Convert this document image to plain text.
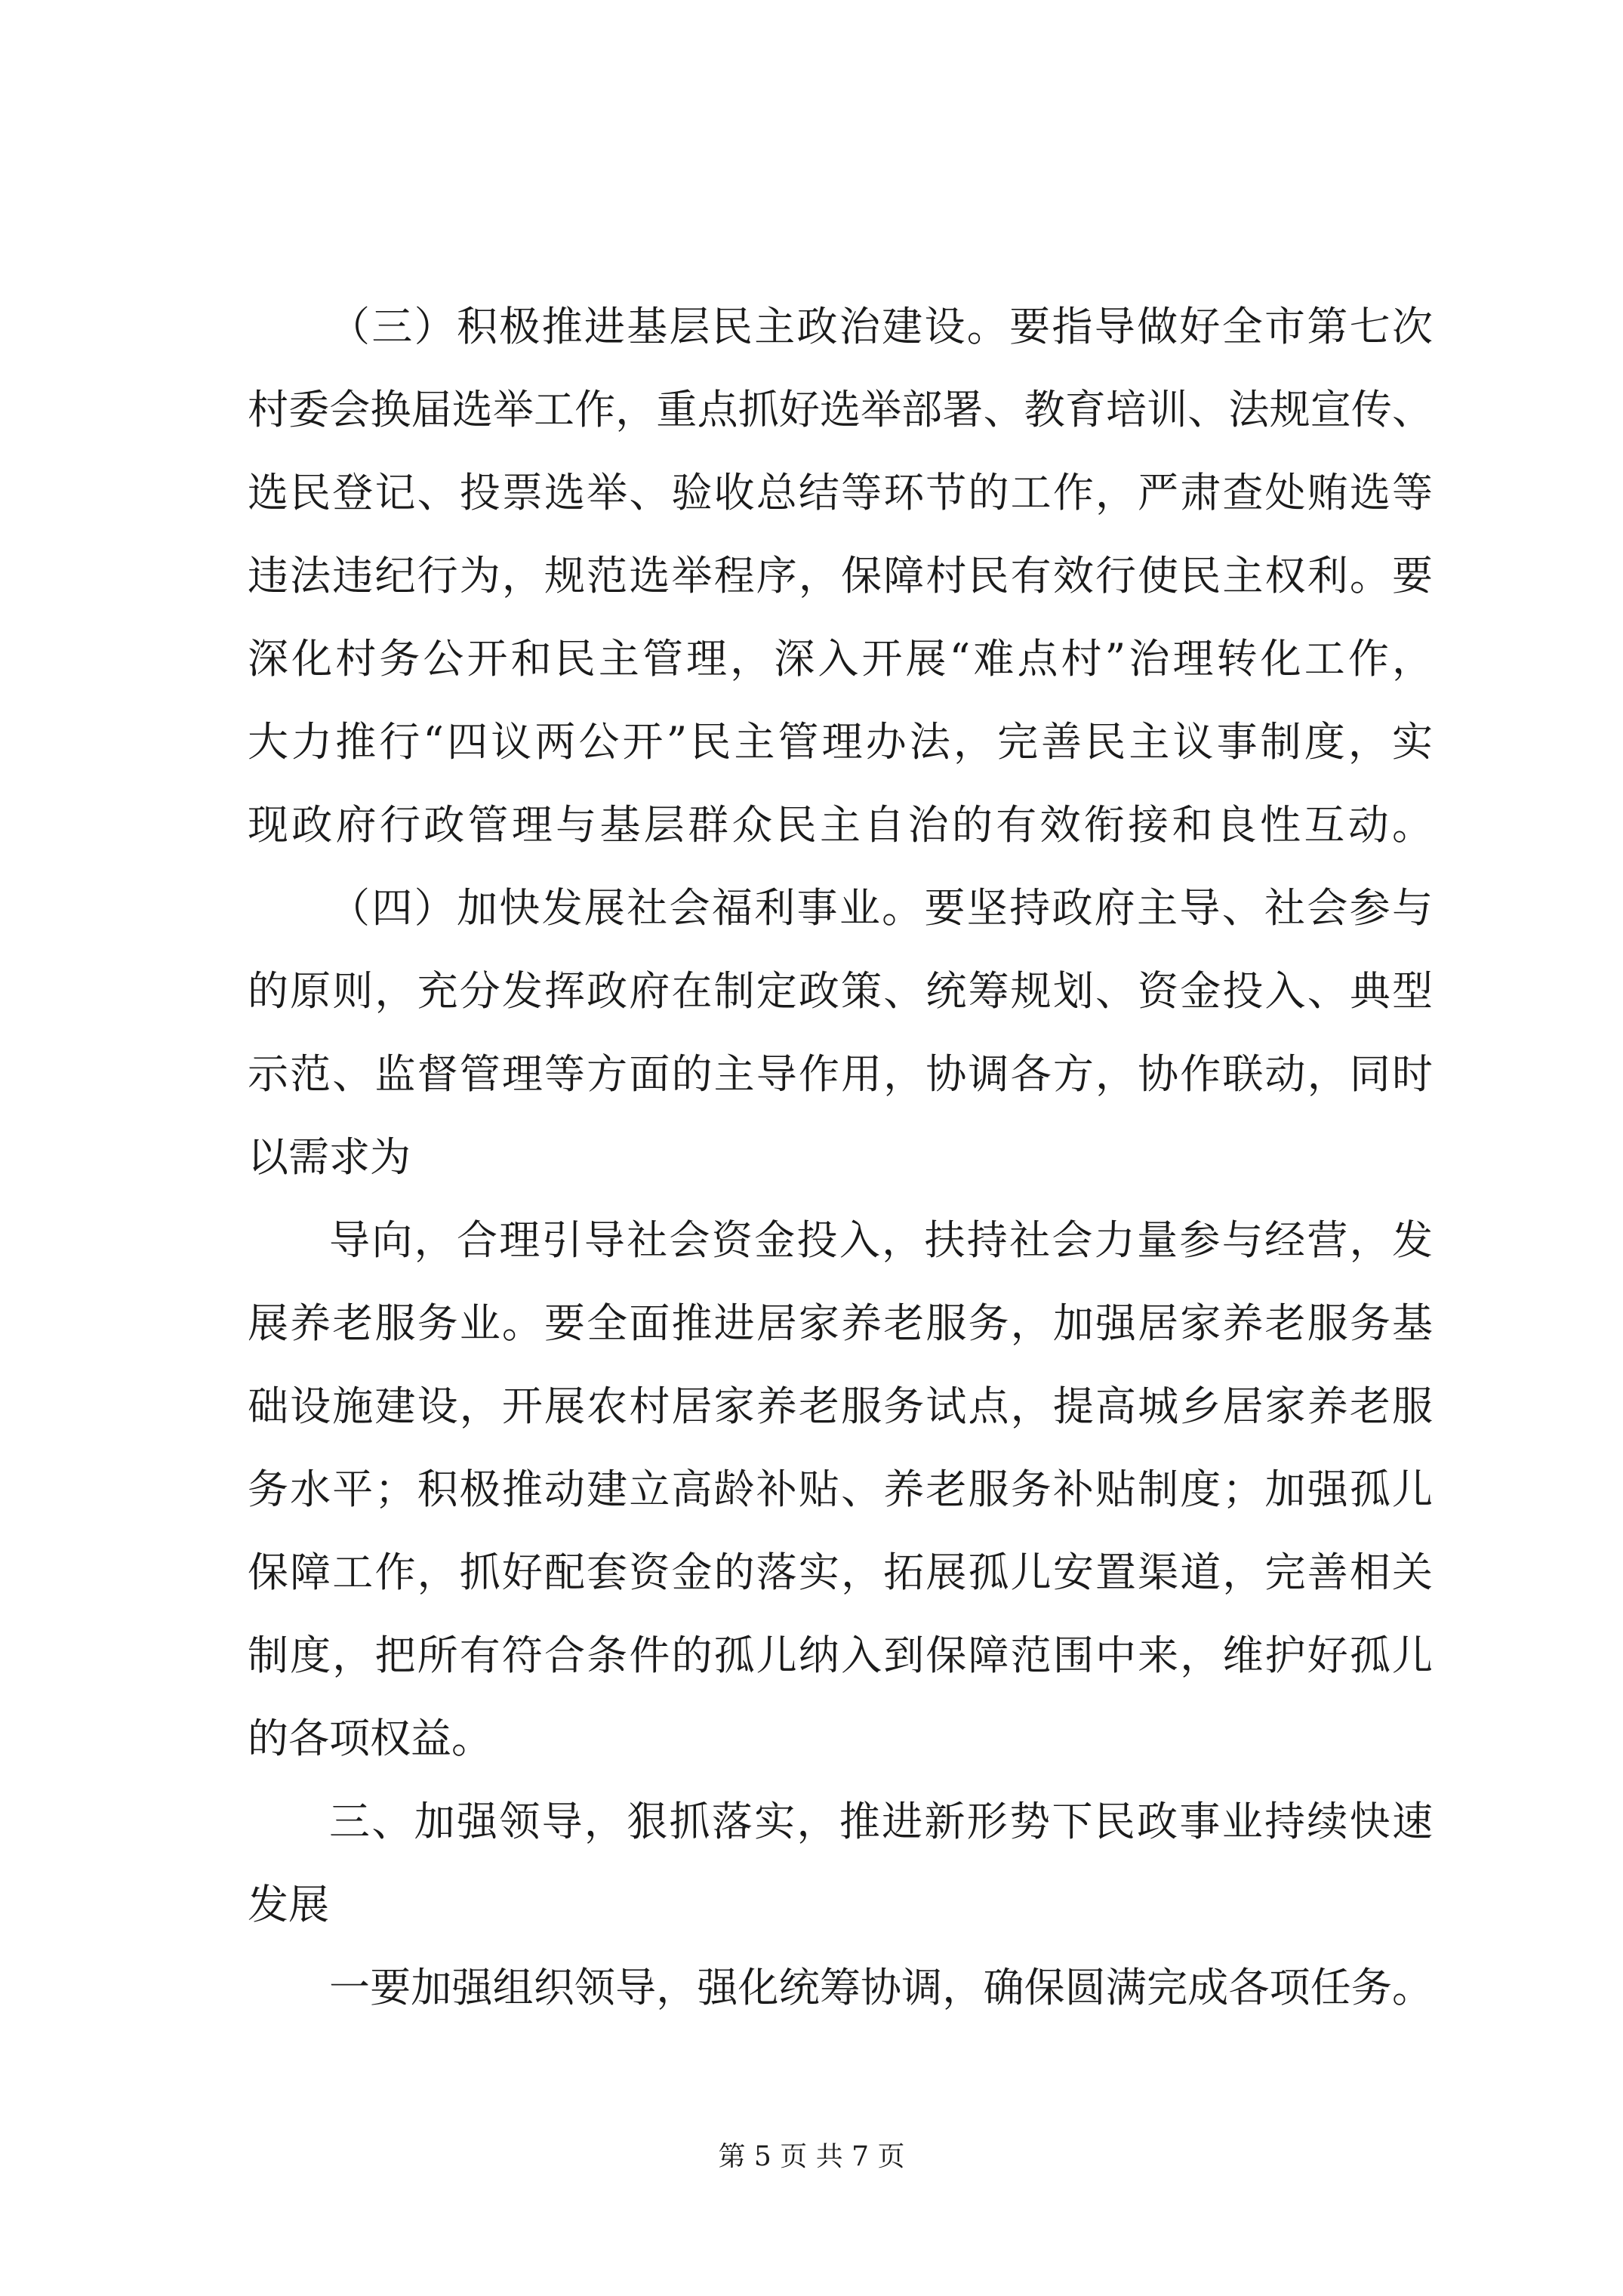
（三）积极推进基层民主政治建设。要指导做好全市第七次
村委会换届选举工作，重点抓好选举部署、教育培训、法规宣传、
选民登记、投票选举、验收总结等环节的工作，严肃查处贿选等
违法违纪行为，规范选举程序，保障村民有效行使民主权利。要
深化村务公开和民主管理，深入开展“难点村”治理转化工作，
大力推行“四议两公开”民主管理办法，完善民主议事制度，实
现政府行政管理与基层群众民主自治的有效衔接和良性互动。
（四）加快发展社会福利事业。要坚持政府主导、社会参与
的原则，充分发挥政府在制定政策、统筹规划、资金投入、典型
示范、监督管理等方面的主导作用，协调各方，协作联动，同时
以需求为
导向，合理引导社会资金投入，扶持社会力量参与经营，发
展养老服务业。要全面推进居家养老服务，加强居家养老服务基
础设施建设，开展农村居家养老服务试点，提高城乡居家养老服
务水平；积极推动建立高龄补贴、养老服务补贴制度；加强孤儿
保障工作，抓好配套资金的落实，拓展孤儿安置渠道，完善相关
制度，把所有符合条件的孤儿纳入到保障范围中来，维护好孤儿
的各项权益。
三、加强领导，狠抓落实，推进新形势下民政事业持续快速
发展
一要加强组织领导，强化统筹协调，确保圆满完成各项任务。
第 5 页 共 7 页
